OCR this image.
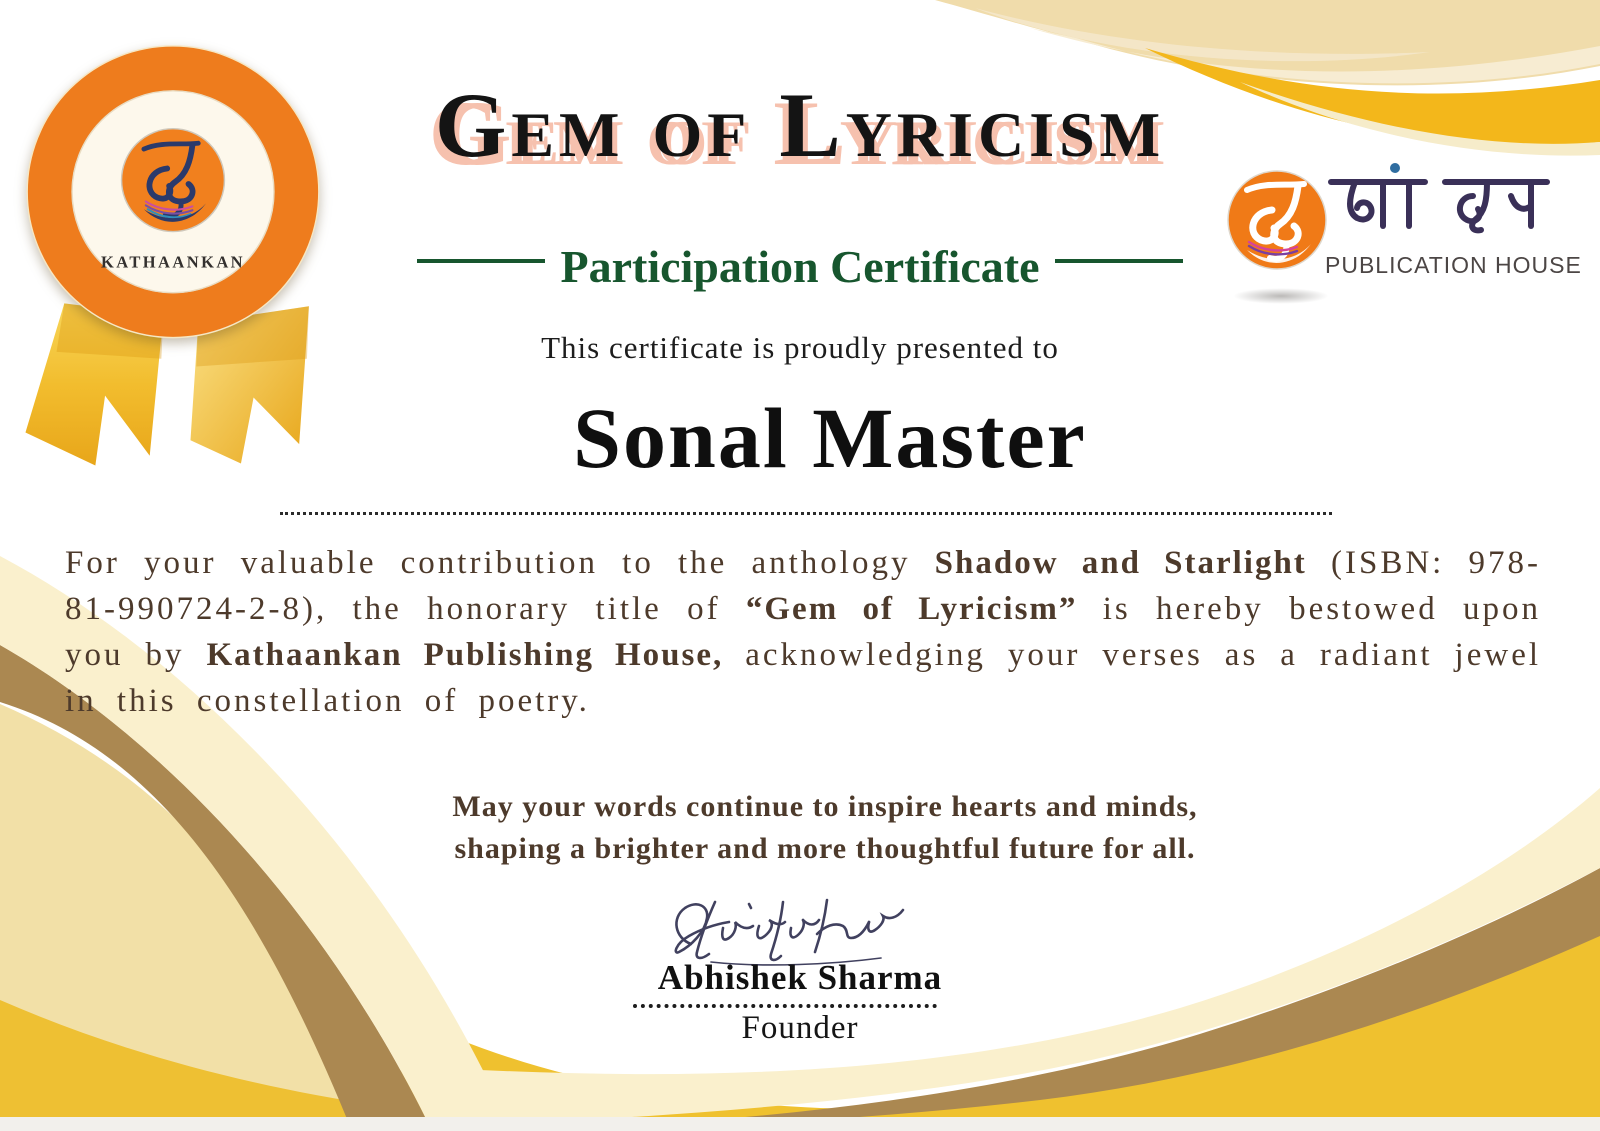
KATHAANKAN	PUBLICATION HOUSE
Gem of Lyricism
Participation Certificate
This certificate is proudly presented to
Sonal Master
For your valuable contribution to the anthology Shadow and Starlight (ISBN: 978-81-990724-2-8), the honorary title of “Gem of Lyricism” is hereby bestowed upon you by Kathaankan Publishing House, acknowledging your verses as a radiant jewel in this constellation of poetry.
May your words continue to inspire hearts and minds,
shaping a brighter and more thoughtful future for all.
Abhishek Sharma
Founder
